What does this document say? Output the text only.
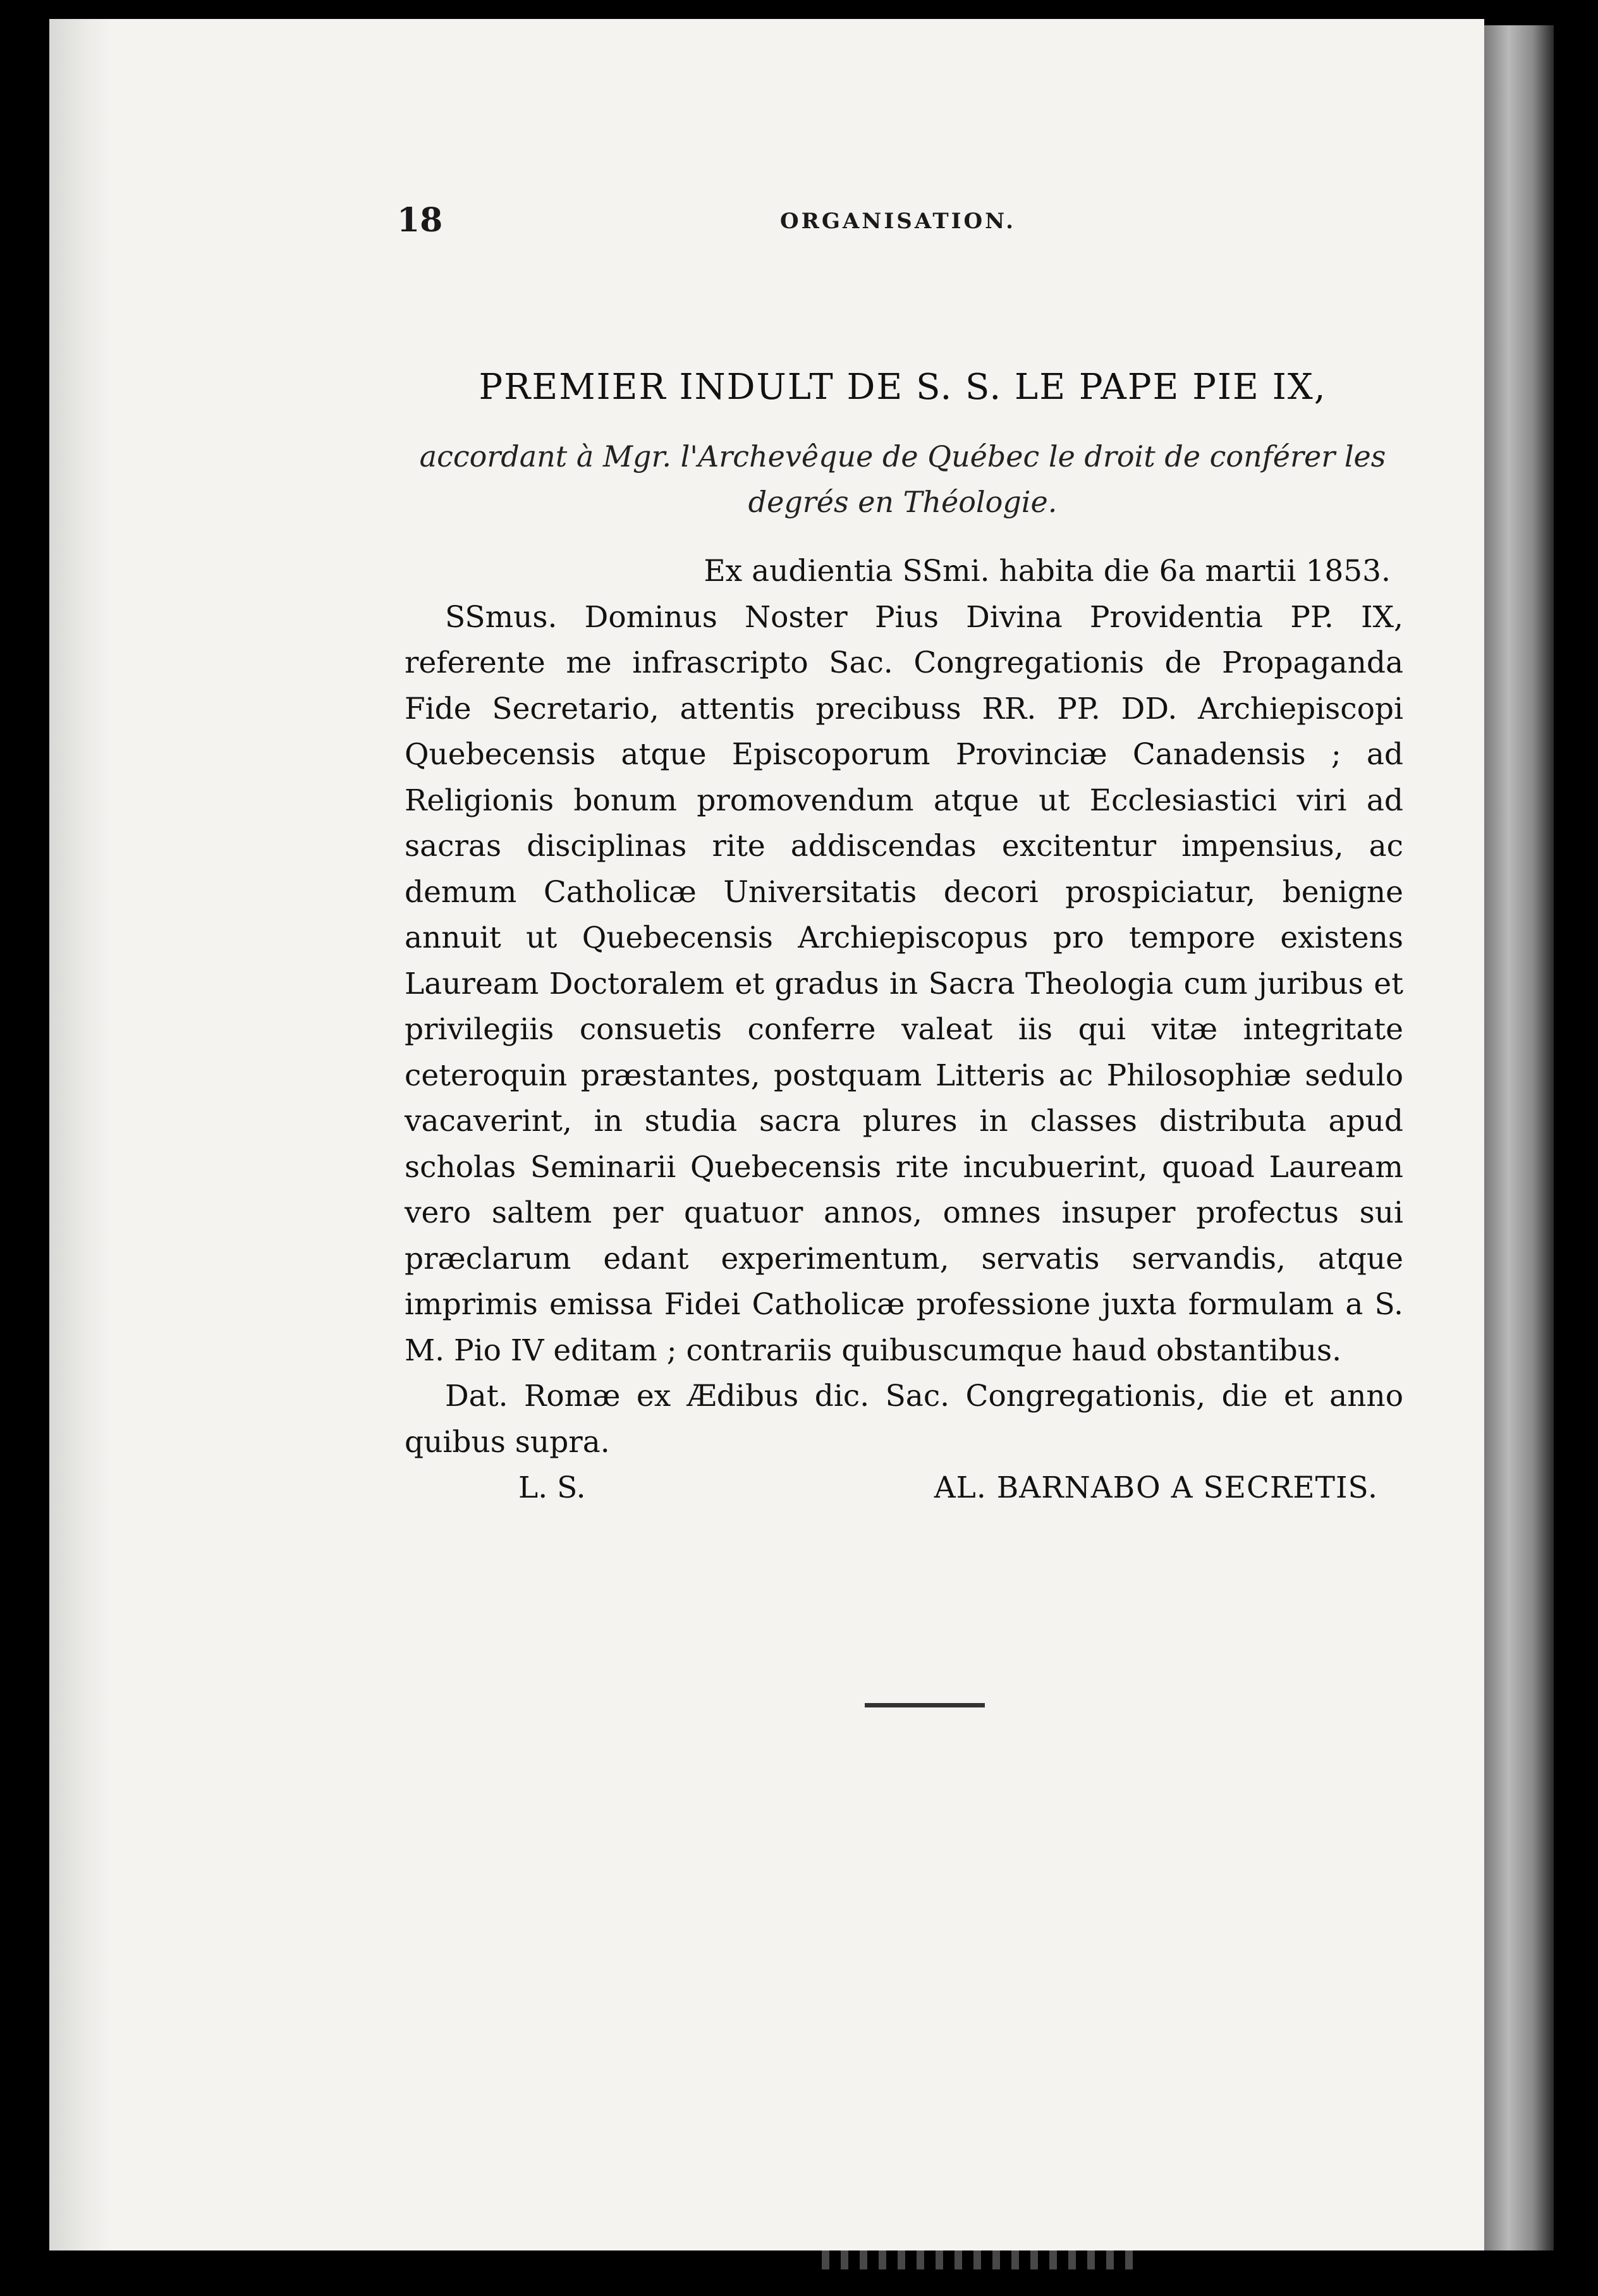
18	ORGANISATION.
PREMIER INDULT DE S. S. LE PAPE PIE IX,
accordant à Mgr. l'Archevêque de Québec le droit de conférer les degrés en Théologie.

Ex audientia SSmi. habita die 6a martii 1853.

SSmus. Dominus Noster Pius Divina Providentia PP. IX, referente me infrascripto Sac. Congregationis de Propaganda Fide Secretario, attentis precibuss RR. PP. DD. Archiepiscopi Quebecensis atque Episcoporum Provinciæ Canadensis ; ad Religionis bonum promovendum atque ut Ecclesiastici viri ad sacras disciplinas rite addiscendas excitentur impensius, ac demum Catholicæ Universitatis decori prospiciatur, benigne annuit ut Quebecensis Archiepiscopus pro tempore existens Lauream Doctoralem et gradus in Sacra Theologia cum juribus et privilegiis consuetis conferre valeat iis qui vitæ integritate ceteroquin præstantes, postquam Litteris ac Philosophiæ sedulo vacaverint, in studia sacra plures in classes distributa apud scholas Seminarii Quebecensis rite incubuerint, quoad Lauream vero saltem per quatuor annos, omnes insuper profectus sui præclarum edant experimentum, servatis servandis, atque imprimis emissa Fidei Catholicæ professione juxta formulam a S. M. Pio IV editam ; contrariis quibuscumque haud obstantibus.

Dat. Romæ ex Ædibus dic. Sac. Congregationis, die et anno quibus supra.

L. S.	AL. BARNABO A SECRETIS.
